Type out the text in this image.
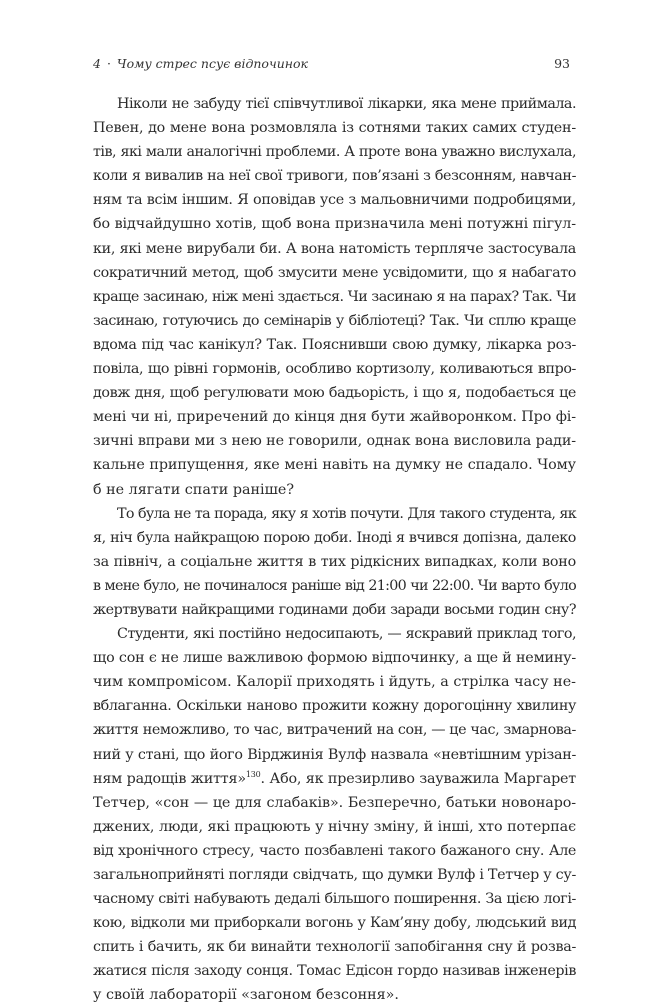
4 · Чому стрес псує відпочинок	93

Ніколи не забуду тієї співчутливої лікарки, яка мене приймала.
Певен, до мене вона розмовляла із сотнями таких самих студен-
тів, які мали аналогічні проблеми. А проте вона уважно вислухала,
коли я вивалив на неї свої тривоги, пов’язані з безсонням, навчан-
ням та всім іншим. Я оповідав усе з мальовничими подробицями,
бо відчайдушно хотів, щоб вона призначила мені потужні пігул-
ки, які мене вирубали би. А вона натомість терпляче застосувала
сократичний метод, щоб змусити мене усвідомити, що я набагато
краще засинаю, ніж мені здається. Чи засинаю я на парах? Так. Чи
засинаю, готуючись до семінарів у бібліотеці? Так. Чи сплю краще
вдома під час канікул? Так. Пояснивши свою думку, лікарка роз-
повіла, що рівні гормонів, особливо кортизолу, коливаються впро-
довж дня, щоб регулювати мою бадьорість, і що я, подобається це
мені чи ні, приречений до кінця дня бути жайворонком. Про фі-
зичні вправи ми з нею не говорили, однак вона висловила ради-
кальне припущення, яке мені навіть на думку не спадало. Чому
б не лягати спати раніше?

То була не та порада, яку я хотів почути. Для такого студента, як
я, ніч була найкращою порою доби. Іноді я вчився допізна, далеко
за північ, а соціальне життя в тих рідкісних випадках, коли воно
в мене було, не починалося раніше від 21:00 чи 22:00. Чи варто було
жертвувати найкращими годинами доби заради восьми годин сну?

Студенти, які постійно недосипають, — яскравий приклад того,
що сон є не лише важливою формою відпочинку, а ще й немину-
чим компромісом. Калорії приходять і йдуть, а стрілка часу не-
вблаганна. Оскільки наново прожити кожну дорогоцінну хвилину
життя неможливо, то час, витрачений на сон, — це час, змарнова-
ний у стані, що його Вірджинія Вулф назвала «невтішним урізан-
ням радощів життя»$^{130}$. Або, як презирливо зауважила Маргарет
Тетчер, «сон — це для слабаків». Безперечно, батьки новонаро-
джених, люди, які працюють у нічну зміну, й інші, хто потерпає
від хронічного стресу, часто позбавлені такого бажаного сну. Але
загальноприйняті погляди свідчать, що думки Вулф і Тетчер у су-
часному світі набувають дедалі більшого поширення. За цією логі-
кою, відколи ми приборкали вогонь у Кам’яну добу, людський вид
спить і бачить, як би винайти технології запобігання сну й розва-
жатися після заходу сонця. Томас Едісон гордо називав інженерів
у своїй лабораторії «загоном безсоння».
